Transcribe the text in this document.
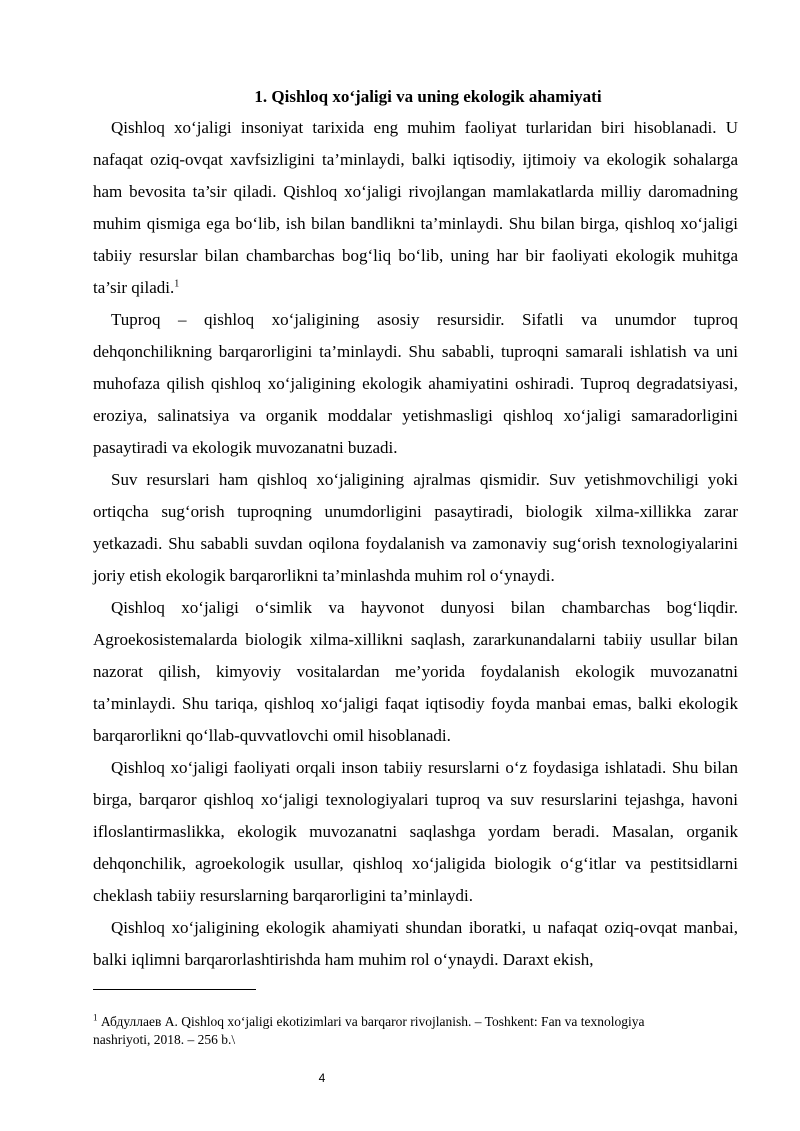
1. Qishloq xo‘jaligi va uning ekologik ahamiyati

Qishloq xo‘jaligi insoniyat tarixida eng muhim faoliyat turlaridan biri hisoblanadi. U nafaqat oziq-ovqat xavfsizligini ta’minlaydi, balki iqtisodiy, ijtimoiy va ekologik sohalarga ham bevosita ta’sir qiladi. Qishloq xo‘jaligi rivojlangan mamlakatlarda milliy daromadning muhim qismiga ega bo‘lib, ish bilan bandlikni ta’minlaydi. Shu bilan birga, qishloq xo‘jaligi tabiiy resurslar bilan chambarchas bog‘liq bo‘lib, uning har bir faoliyati ekologik muhitga ta’sir qiladi.$^1$

Tuproq – qishloq xo‘jaligining asosiy resursidir. Sifatli va unumdor tuproq dehqonchilikning barqarorligini ta’minlaydi. Shu sababli, tuproqni samarali ishlatish va uni muhofaza qilish qishloq xo‘jaligining ekologik ahamiyatini oshiradi. Tuproq degradatsiyasi, eroziya, salinatsiya va organik moddalar yetishmasligi qishloq xo‘jaligi samaradorligini pasaytiradi va ekologik muvozanatni buzadi.

Suv resurslari ham qishloq xo‘jaligining ajralmas qismidir. Suv yetishmovchiligi yoki ortiqcha sug‘orish tuproqning unumdorligini pasaytiradi, biologik xilma-xillikka zarar yetkazadi. Shu sababli suvdan oqilona foydalanish va zamonaviy sug‘orish texnologiyalarini joriy etish ekologik barqarorlikni ta’minlashda muhim rol o‘ynaydi.

Qishloq xo‘jaligi o‘simlik va hayvonot dunyosi bilan chambarchas bog‘liqdir. Agroekosistemalarda biologik xilma-xillikni saqlash, zararkunandalarni tabiiy usullar bilan nazorat qilish, kimyoviy vositalardan me’yorida foydalanish ekologik muvozanatni ta’minlaydi. Shu tariqa, qishloq xo‘jaligi faqat iqtisodiy foyda manbai emas, balki ekologik barqarorlikni qo‘llab-quvvatlovchi omil hisoblanadi.

Qishloq xo‘jaligi faoliyati orqali inson tabiiy resurslarni o‘z foydasiga ishlatadi. Shu bilan birga, barqaror qishloq xo‘jaligi texnologiyalari tuproq va suv resurslarini tejashga, havoni ifloslantirmaslikka, ekologik muvozanatni saqlashga yordam beradi. Masalan, organik dehqonchilik, agroekologik usullar, qishloq xo‘jaligida biologik o‘g‘itlar va pestitsidlarni cheklash tabiiy resurslarning barqarorligini ta’minlaydi.

Qishloq xo‘jaligining ekologik ahamiyati shundan iboratki, u nafaqat oziq-ovqat manbai, balki iqlimni barqarorlashtirishda ham muhim rol o‘ynaydi. Daraxt ekish,

$^1$ Абдуллаев A. Qishloq xo‘jaligi ekotizimlari va barqaror rivojlanish. – Toshkent: Fan va texnologiya nashriyoti, 2018. – 256 b.\
4
